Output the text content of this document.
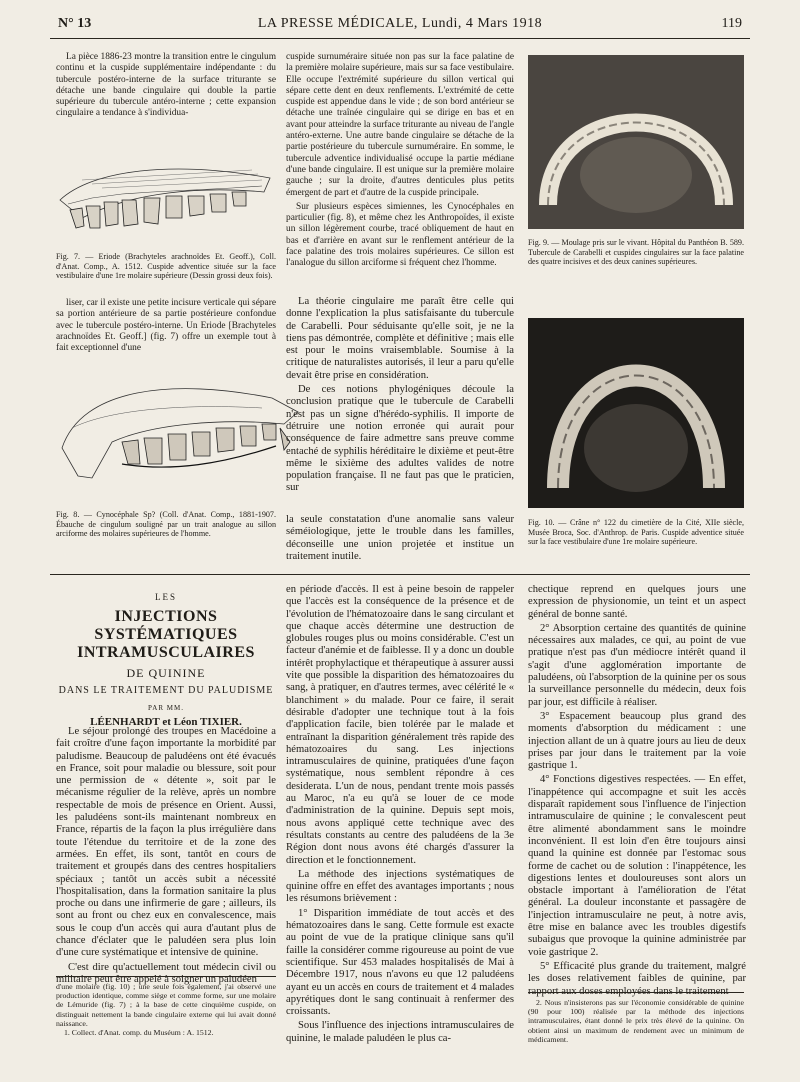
N° 13	LA PRESSE MÉDICALE, Lundi, 4 Mars 1918	119

La pièce 1886-23 montre la transition entre le cingulum continu et la cuspide supplémentaire indépendante : du tubercule postéro-interne de la surface triturante se détache une bande cingulaire qui double la partie supérieure du tubercule antéro-interne ; cette expansion cingulaire a tendance à s'individua-

Fig. 7. — Eriode (Brachyteles arachnoïdes Et. Geoff.), Coll. d'Anat. Comp., A. 1512. Cuspide adventice située sur la face vestibulaire d'une 1re molaire supérieure (Dessin grossi deux fois).

liser, car il existe une petite incisure verticale qui sépare sa portion antérieure de sa partie postérieure confondue avec le tubercule postéro-interne. Un Eriode [Brachyteles arachnoïdes Et. Geoff.] (fig. 7) offre un exemple tout à fait exceptionnel d'une

Fig. 8. — Cynocéphale Sp? (Coll. d'Anat. Comp., 1881-1907. Ébauche de cingulum souligné par un trait analogue au sillon arciforme des molaires supérieures de l'homme.

cuspide surnuméraire située non pas sur la face palatine de la première molaire supérieure, mais sur sa face vestibulaire. Elle occupe l'extrémité supérieure du sillon vertical qui sépare cette dent en deux renflements. L'extrémité de cette cuspide est appendue dans le vide ; de son bord antérieur se détache une traînée cingulaire qui se dirige en bas et en avant pour atteindre la surface triturante au niveau de l'angle antéro-externe. Une autre bande cingulaire se détache de la partie postérieure du tubercule surnuméraire. En somme, le tubercule adventice individualisé occupe la partie médiane d'une bande cingulaire. Il est unique sur la première molaire gauche ; sur la droite, d'autres denticules plus petits émergent de part et d'autre de la cuspide principale.

Sur plusieurs espèces simiennes, les Cynocéphales en particulier (fig. 8), et même chez les Anthropoïdes, il existe un sillon légèrement courbe, tracé obliquement de haut en bas et d'arrière en avant sur le renflement antérieur de la face palatine des trois molaires supérieures. Ce sillon est l'analogue du sillon arciforme si fréquent chez l'homme.

La théorie cingulaire me paraît être celle qui donne l'explication la plus satisfaisante du tubercule de Carabelli. Pour séduisante qu'elle soit, je ne la tiens pas démontrée, complète et définitive ; mais elle est pour le moins vraisemblable. Soumise à la critique de naturalistes autorisés, il leur a paru qu'elle devait être prise en considération.

De ces notions phylogéniques découle la conclusion pratique que le tubercule de Carabelli n'est pas un signe d'hérédo-syphilis. Il importe de détruire une notion erronée qui aurait pour conséquence de faire admettre sans preuve comme entaché de syphilis héréditaire le dixième et peut-être même le sixième des adultes valides de notre population française. Il ne faut pas que le praticien, sur

la seule constatation d'une anomalie sans valeur séméiologique, jette le trouble dans les familles, déconseille une union projetée et institue un traitement inutile.

Fig. 9. — Moulage pris sur le vivant. Hôpital du Panthéon B. 589. Tubercule de Carabelli et cuspides cingulaires sur la face palatine des quatre incisives et des deux canines supérieures.
Fig. 10. — Crâne n° 122 du cimetière de la Cité, XIIe siècle, Musée Broca, Soc. d'Anthrop. de Paris. Cuspide adventice située sur la face vestibulaire d'une 1re molaire supérieure.
LES
INJECTIONS SYSTÉMATIQUES INTRAMUSCULAIRES
DE QUININE
DANS LE TRAITEMENT DU PALUDISME
PAR MM.
LÉENHARDT et Léon TIXIER.

Le séjour prolongé des troupes en Macédoine a fait croître d'une façon importante la morbidité par paludisme. Beaucoup de paludéens ont été évacués en France, soit pour maladie ou blessure, soit pour une permission de « détente », soit par le mécanisme régulier de la relève, après un nombre respectable de mois de présence en Orient. Aussi, les paludéens sont-ils maintenant nombreux en France, répartis de la façon la plus irrégulière dans toute l'étendue du territoire et de la zone des armées. En effet, ils sont, tantôt en cours de traitement et groupés dans des centres hospitaliers spéciaux ; tantôt un accès subit a nécessité l'hospitalisation, dans la formation sanitaire la plus proche ou dans une infirmerie de gare ; ailleurs, ils sont au front ou chez eux en convalescence, mais sous le coup d'un accès qui aura d'autant plus de chance d'éclater que le paludéen sera plus loin d'une cure systématique et intensive de quinine.

C'est dire qu'actuellement tout médecin civil ou militaire peut être appelé à soigner un paludéen

d'une molaire (fig. 10) ; une seule fois également, j'ai observé une production identique, comme siège et comme forme, sur une molaire de Lémuride (fig. 7) ; à la base de cette cinquième cuspide, on distinguait nettement la bande cingulaire externe qui lui avait donné naissance.

1. Collect. d'Anat. comp. du Muséum : A. 1512.

en période d'accès. Il est à peine besoin de rappeler que l'accès est la conséquence de la présence et de l'évolution de l'hématozoaire dans le sang circulant et que chaque accès détermine une destruction de globules rouges plus ou moins considérable. C'est un facteur d'anémie et de faiblesse. Il y a donc un double intérêt prophylactique et thérapeutique à assurer aussi vite que possible la disparition des hématozoaires du sang, à pratiquer, en d'autres termes, avec célérité le « blanchiment » du malade. Pour ce faire, il serait désirable d'adopter une technique tout à la fois d'application facile, bien tolérée par le malade et entraînant la disparition généralement très rapide des hématozoaires du sang. Les injections intramusculaires de quinine, pratiquées d'une façon systématique, nous semblent répondre à ces desiderata. L'un de nous, pendant trente mois passés au Maroc, n'a eu qu'à se louer de ce mode d'administration de la quinine. Depuis sept mois, nous avons appliqué cette technique avec des résultats constants au centre des paludéens de la 3e Région dont nous avons été chargés d'assurer la direction et le fonctionnement.

La méthode des injections systématiques de quinine offre en effet des avantages importants ; nous les résumons brièvement :

1° Disparition immédiate de tout accès et des hématozoaires dans le sang. Cette formule est exacte au point de vue de la pratique clinique sans qu'il faille la considérer comme rigoureuse au point de vue scientifique. Sur 453 malades hospitalisés de Mai à Décembre 1917, nous n'avons eu que 12 paludéens ayant eu un accès en cours de traitement et 4 malades apyrétiques dont le sang continuait à renfermer des croissants.

Sous l'influence des injections intramusculaires de quinine, le malade paludéen le plus ca-

chectique reprend en quelques jours une expression de physionomie, un teint et un aspect général de bonne santé.

2° Absorption certaine des quantités de quinine nécessaires aux malades, ce qui, au point de vue pratique n'est pas d'un médiocre intérêt quand il s'agit d'une agglomération importante de paludéens, où l'absorption de la quinine per os sous la surveillance personnelle du médecin, deux fois par jour, est difficile à réaliser.

3° Espacement beaucoup plus grand des moments d'absorption du médicament : une injection allant de un à quatre jours au lieu de deux prises par jour dans le traitement par la voie gastrique 1.

4° Fonctions digestives respectées. — En effet, l'inappétence qui accompagne et suit les accès disparaît rapidement sous l'influence de l'injection intramusculaire de quinine ; le convalescent peut être alimenté abondamment sans le moindre inconvénient. Il est loin d'en être toujours ainsi quand la quinine est donnée par l'estomac sous forme de cachet ou de solution : l'inappétence, les digestions lentes et douloureuses sont alors un obstacle important à l'amélioration de l'état général. La douleur inconstante et passagère de l'injection intramusculaire ne peut, à notre avis, être mise en balance avec les troubles digestifs subaigus que provoque la quinine administrée par voie gastrique 2.

5° Efficacité plus grande du traitement, malgré les doses relativement faibles de quinine, par rapport aux doses employées dans le traitement

2. Nous n'insisterons pas sur l'économie considérable de quinine (90 pour 100) réalisée par la méthode des injections intramusculaires, étant donné le prix très élevé de la quinine. On obtient ainsi un maximum de rendement avec un minimum de médicament.
